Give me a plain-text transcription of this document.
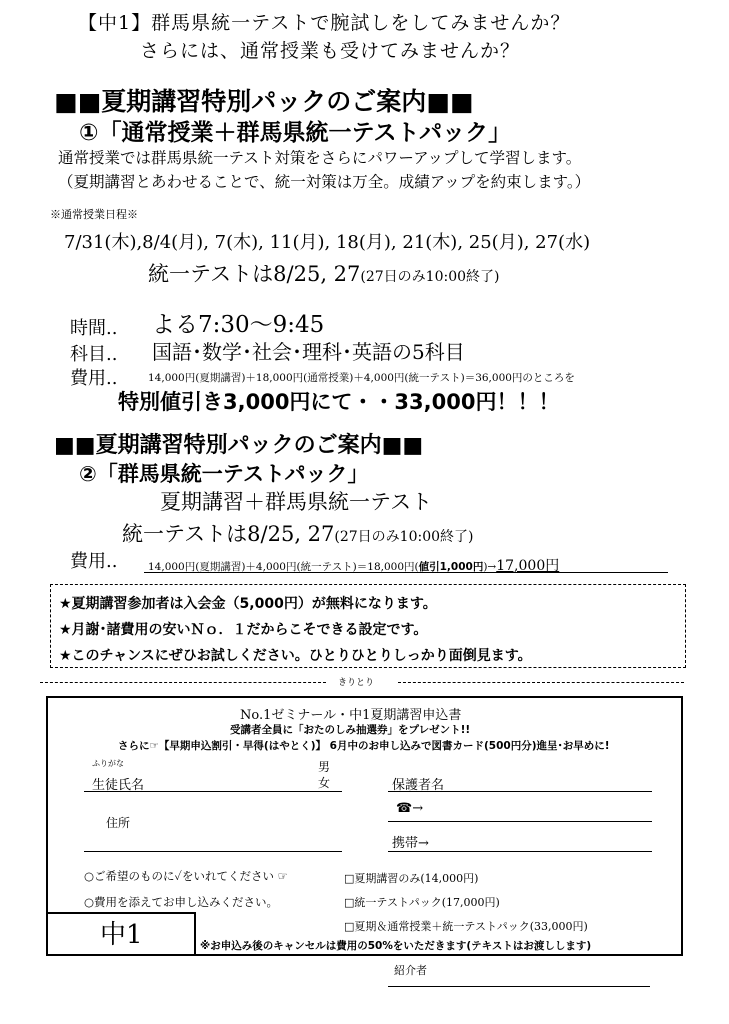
【中1】群馬県統一テストで腕試しをしてみませんか？
さらには、通常授業も受けてみませんか？
■■夏期講習特別パックのご案内■■
①「通常授業＋群馬県統一テストパック」
通常授業では群馬県統一テスト対策をさらにパワーアップして学習します。
（夏期講習とあわせることで、統一対策は万全。成績アップを約束します。）
※通常授業日程※
7/31(木),8/4(月), 7(木), 11(月), 18(月), 21(木), 25(月), 27(水)
統一テストは8/25, 27(27日のみ10:00終了)
時間.. よる7:30～9:45
科目.. 国語･数学･社会･理科･英語の5科目
費用..	14,000円(夏期講習)＋18,000円(通常授業)＋4,000円(統一テスト)＝36,000円のところを
特別値引き3,000円にて・・33,000円！！！
■■夏期講習特別パックのご案内■■
②「群馬県統一テストパック」
夏期講習＋群馬県統一テスト
統一テストは8/25, 27(27日のみ10:00終了)
費用..	14,000円(夏期講習)＋4,000円(統一テスト)＝18,000円(値引1,000円)→17,000円
★夏期講習参加者は入会金（5,000円）が無料になります。
★月謝･諸費用の安いＮｏ．１だからこそできる設定です。
★このチャンスにぜひお試しください。ひとりひとりしっかり面倒見ます。
きりとり
No.1ゼミナール・中1夏期講習申込書
受講者全員に「おたのしみ抽選券」をプレゼント!!
さらに☞【早期申込割引・早得(はやとく)】 6月中のお申し込みで図書カード(500円分)進呈･お早めに!
ふりがな	男
生徒氏名	女	保護者名
☎→
住所
携帯→
○ご希望のものに✓をいれてください ☞
○費用を添えてお申し込みください。
□夏期講習のみ(14,000円)
□統一テストパック(17,000円)
□夏期＆通常授業＋統一テストパック(33,000円)
中1	※お申込み後のキャンセルは費用の50%をいただきます(テキストはお渡しします)
紹介者
